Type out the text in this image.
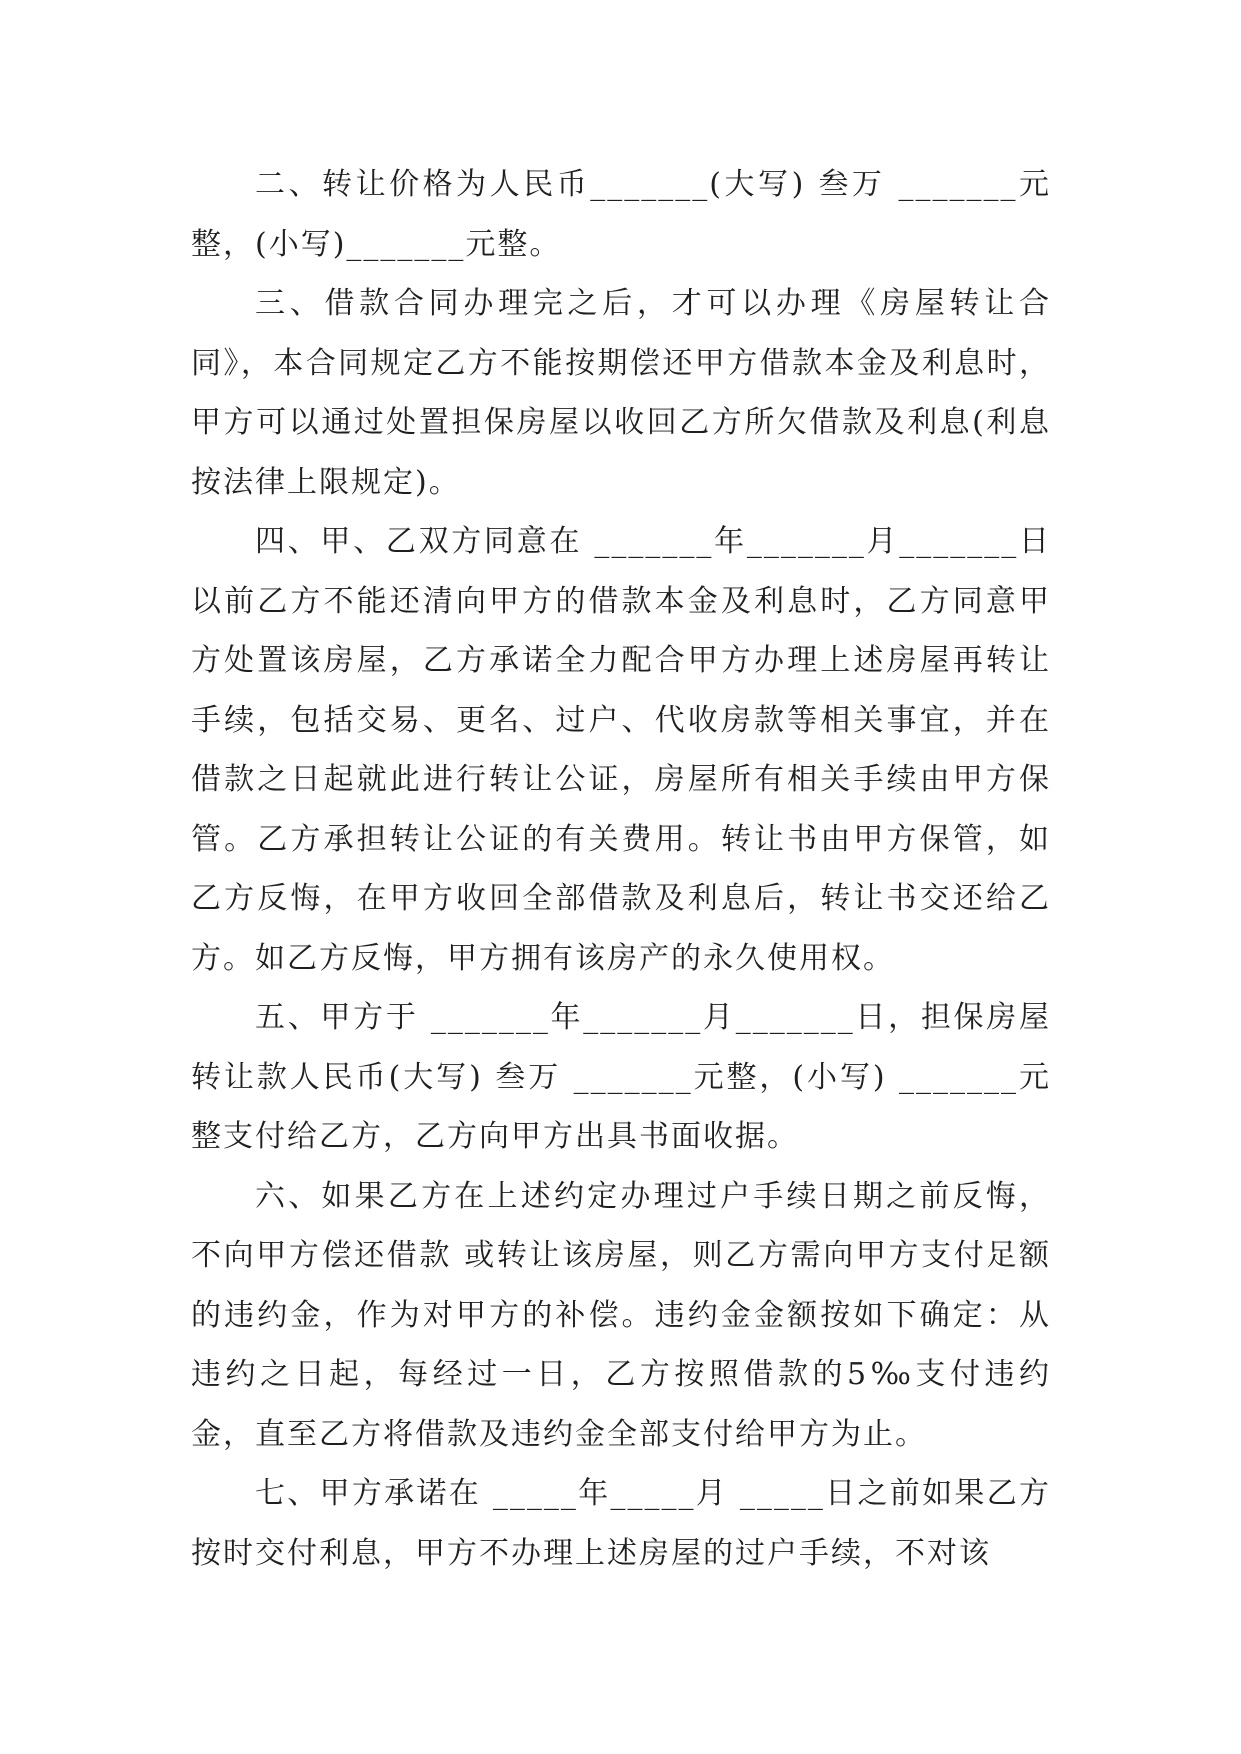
二、转让价格为人民币_______(大写) 叁万 _______元整，(小写)_______元整。

三、借款合同办理完之后，才可以办理《房屋转让合同》，本合同规定乙方不能按期偿还甲方借款本金及利息时，甲方可以通过处置担保房屋以收回乙方所欠借款及利息(利息按法律上限规定)。

四、甲、乙双方同意在 _______年_______月_______日以前乙方不能还清向甲方的借款本金及利息时，乙方同意甲方处置该房屋，乙方承诺全力配合甲方办理上述房屋再转让手续，包括交易、更名、过户、代收房款等相关事宜，并在借款之日起就此进行转让公证，房屋所有相关手续由甲方保管。乙方承担转让公证的有关费用。转让书由甲方保管，如乙方反悔，在甲方收回全部借款及利息后，转让书交还给乙方。如乙方反悔，甲方拥有该房产的永久使用权。

五、甲方于 _______年_______月_______日，担保房屋转让款人民币(大写) 叁万 _______元整，(小写) _______元整支付给乙方，乙方向甲方出具书面收据。

六、如果乙方在上述约定办理过户手续日期之前反悔，不向甲方偿还借款 或转让该房屋，则乙方需向甲方支付足额的违约金，作为对甲方的补偿。违约金金额按如下确定：从违约之日起，每经过一日，乙方按照借款的5‰支付违约金，直至乙方将借款及违约金全部支付给甲方为止。

七、甲方承诺在 _____年_____月 _____日之前如果乙方按时交付利息，甲方不办理上述房屋的过户手续，不对该
